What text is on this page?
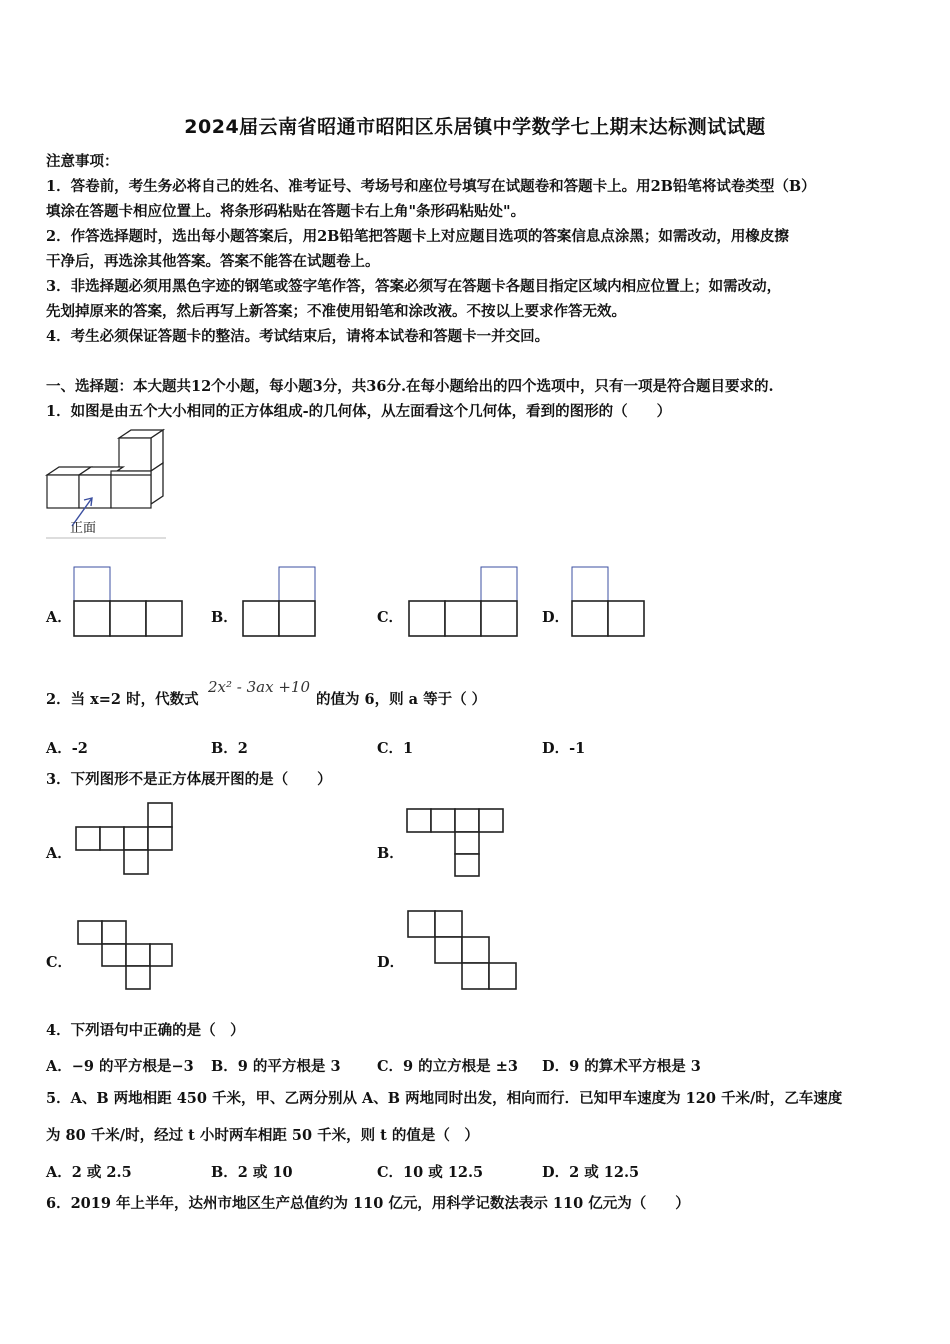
2024届云南省昭通市昭阳区乐居镇中学数学七上期末达标测试试题
注意事项：
1．答卷前，考生务必将自己的姓名、准考证号、考场号和座位号填写在试题卷和答题卡上。用2B铅笔将试卷类型（B）
填涂在答题卡相应位置上。将条形码粘贴在答题卡右上角"条形码粘贴处"。
2．作答选择题时，选出每小题答案后，用2B铅笔把答题卡上对应题目选项的答案信息点涂黑；如需改动，用橡皮擦
干净后，再选涂其他答案。答案不能答在试题卷上。
3．非选择题必须用黑色字迹的钢笔或签字笔作答，答案必须写在答题卡各题目指定区域内相应位置上；如需改动，
先划掉原来的答案，然后再写上新答案；不准使用铅笔和涂改液。不按以上要求作答无效。
4．考生必须保证答题卡的整洁。考试结束后，请将本试卷和答题卡一并交回。
一、选择题：本大题共12个小题，每小题3分，共36分.在每小题给出的四个选项中，只有一项是符合题目要求的.
1．如图是由五个大小相同的正方体组成-的几何体，从左面看这个几何体，看到的图形的（　　）
正面
A．	B．	C．	D．
2．当 x=2 时，代数式
2x² - 3ax +10
的值为 6，则 a 等于（ ）
A．-2	B．2	C．1	D．-1
3．下列图形不是正方体展开图的是（　　）
A．	B．
C．	D．
4．下列语句中正确的是（　）
A．−9 的平方根是−3 B．9 的平方根是 3	C．9 的立方根是 ±3 D．9 的算术平方根是 3
5．A、B 两地相距 450 千米，甲、乙两分别从 A、B 两地同时出发，相向而行．已知甲车速度为 120 千米/时，乙车速度
为 80 千米/时，经过 t 小时两车相距 50 千米，则 t 的值是（　）
A．2 或 2.5	B．2 或 10	C．10 或 12.5	D．2 或 12.5
6．2019 年上半年，达州市地区生产总值约为 110 亿元，用科学记数法表示 110 亿元为（　　）
